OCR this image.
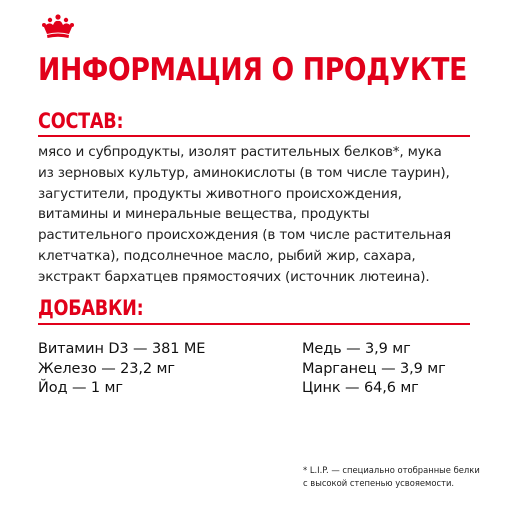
ИНФОРМАЦИЯ О ПРОДУКТЕ
СОСТАВ:
мясо и субпродукты, изолят растительных белков*, мука
из зерновых культур, аминокислоты (в том числе таурин),
загустители, продукты животного происхождения,
витамины и минеральные вещества, продукты
растительного происхождения (в том числе растительная
клетчатка), подсолнечное масло, рыбий жир, сахара,
экстракт бархатцев прямостоячих (источник лютеина).
ДОБАВКИ:
Витамин D3 — 381 МЕ
Железо — 23,2 мг
Йод — 1 мг
Медь — 3,9 мг
Марганец — 3,9 мг
Цинк — 64,6 мг
* L.I.P. — специально отобранные белки
с высокой степенью усвояемости.
